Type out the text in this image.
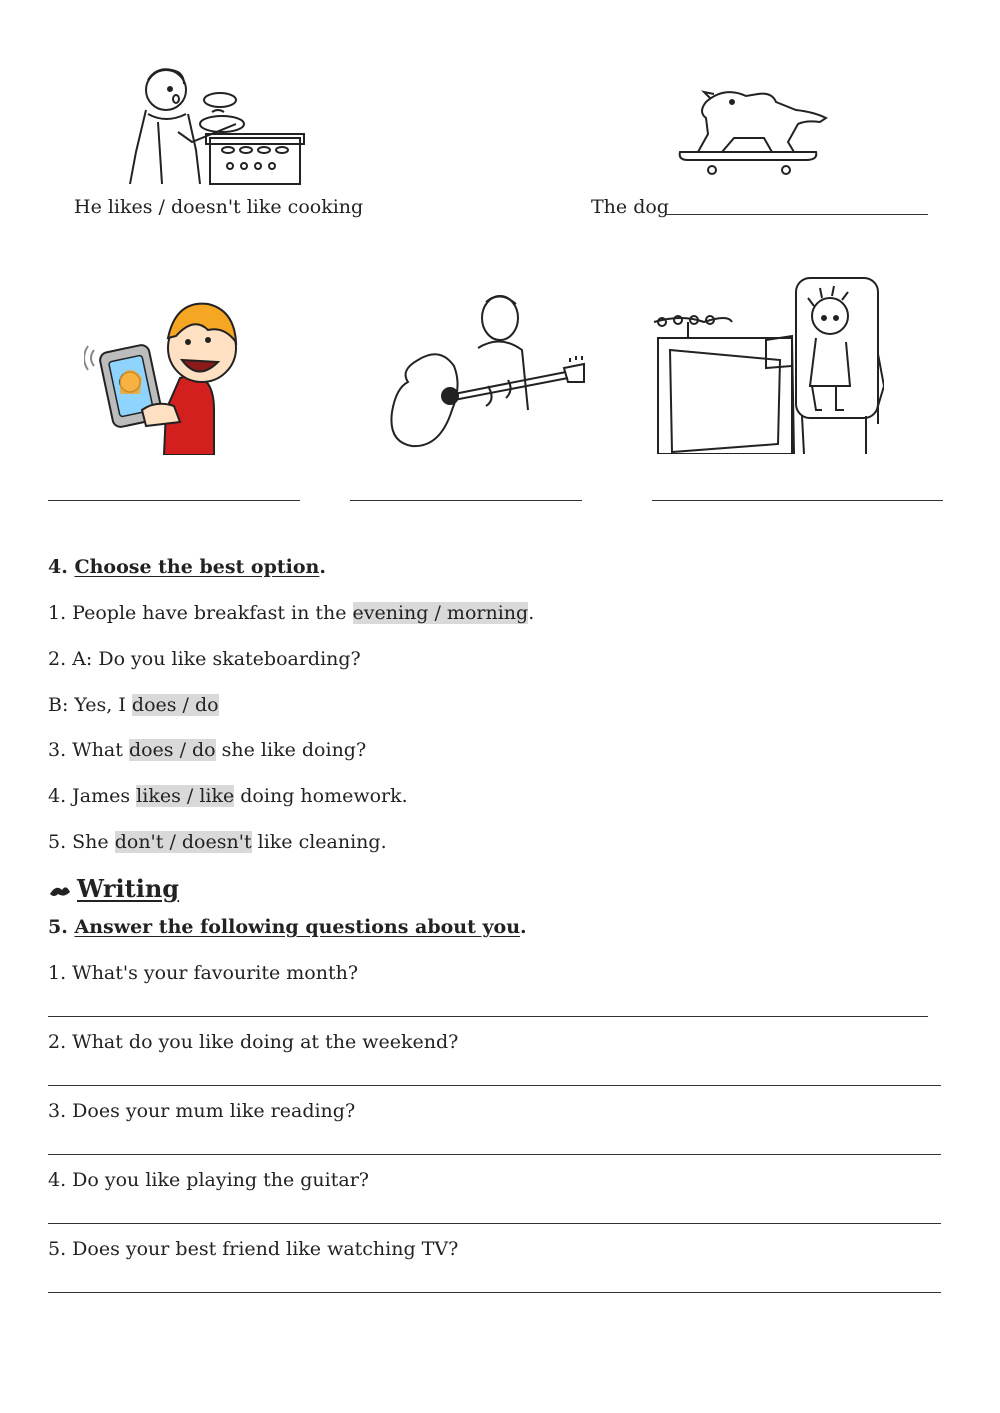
He likes / doesn't like cooking	The dog
4. Choose the best option.
1. People have breakfast in the evening / morning.
2. A: Do you like skateboarding?
B: Yes, I does / do
3. What does / do she like doing?
4. James likes / like doing homework.
5. She don't / doesn't like cleaning.
Writing
5. Answer the following questions about you.
1. What's your favourite month?
2. What do you like doing at the weekend?
3. Does your mum like reading?
4. Do you like playing the guitar?
5. Does your best friend like watching TV?
